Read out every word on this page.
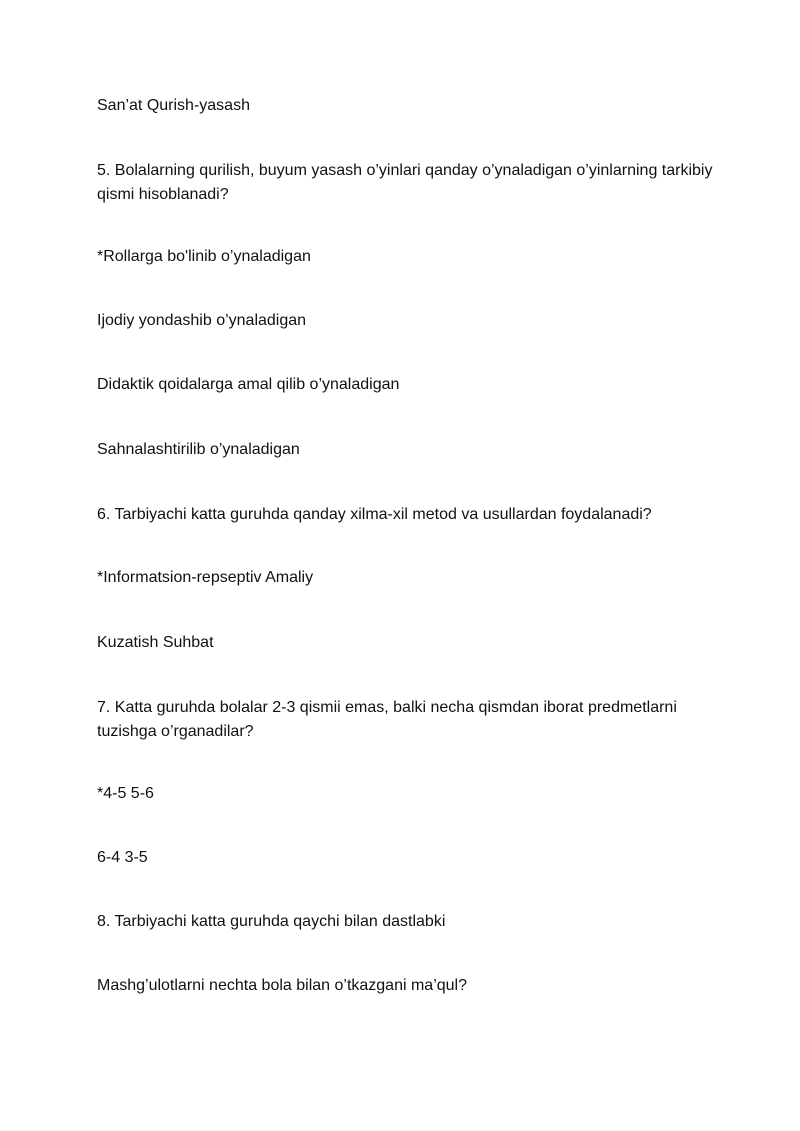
San’at Qurish-yasash
5. Bolalarning qurilish, buyum yasash o’yinlari qanday o’ynaladigan o’yinlarning tarkibiy qismi hisoblanadi?
*Rollarga bo'linib o’ynaladigan
Ijodiy yondashib o’ynaladigan
Didaktik qoidalarga amal qilib o’ynaladigan
Sahnalashtirilib o’ynaladigan
6. Tarbiyachi katta guruhda qanday xilma-xil metod va usullardan foydalanadi?
*Informatsion-repseptiv Amaliy
Kuzatish Suhbat
7. Katta guruhda bolalar 2-3 qismii emas, balki necha qismdan iborat predmetlarni tuzishga o’rganadilar?
*4-5 5-6
6-4 3-5
8. Tarbiyachi katta guruhda qaychi bilan dastlabki
Mashg’ulotlarni nechta bola bilan o’tkazgani ma’qul?
